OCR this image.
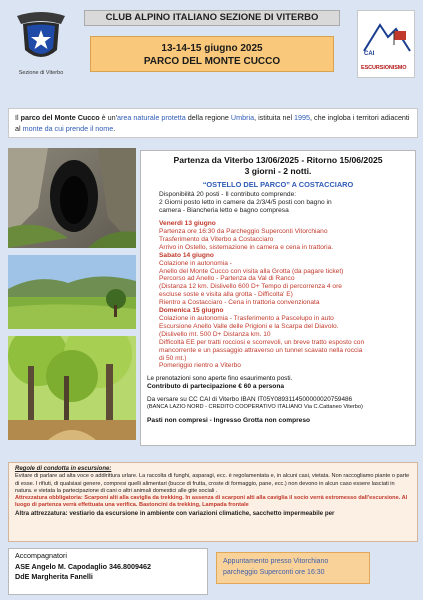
Sezione di Viterbo
CLUB ALPINO ITALIANO SEZIONE DI VITERBO
13-14-15 giugno 2025
PARCO DEL MONTE CUCCO
CAI
ESCURSIONISMO
Il parco del Monte Cucco è un'area naturale protetta della regione Umbria, istituita nel 1995, che ingloba i territori adiacenti al monte da cui prende il nome.
Partenza da Viterbo 13/06/2025 - Ritorno 15/06/2025
3 giorni - 2 notti.
“OSTELLO DEL PARCO” A COSTACCIARO
Disponibilità 20 posti - Il contributo comprende:
2 Giorni posto letto in camere da 2/3/4/5 posti con bagno in
camera - Biancheria letto e bagno compresa
Venerdì 13 giugno
Partenza ore 16:30 da Parcheggio Superconti Vitorchiano
Trasferimento da Viterbo a Costacciaro
Arrivo in Ostello, sistemazione in camera e cena in trattoria.
Sabato 14 giugno
Colazione in autonomia -
Anello del Monte Cucco con visita alla Grotta (da pagare ticket)
Percorso ad Anello - Partenza da Val di Ranco
(Distanza 12 km. Dislivello 600 D+ Tempo di percorrenza 4 ore
escluse soste e visita alla grotta - Difficolta' E)
Rientro a Costacciaro - Cena in trattoria convenzionata
Domenica 15 giugno
Colazione in autonomia - Trasferimento a Pascelupo in auto
Escursione Anello Valle delle Prigioni e la Scarpa del Diavolo.
(Dislivello mt. 500 D+ Distanza km. 10
Difficoltà EE per tratti rocciosi e scorrevoli, un breve tratto esposto con
mancorrente e un passaggio attraverso un tunnel scavato nella roccia
di 50 mt.)
Pomeriggio rientro a Viterbo
Le prenotazioni sono aperte fino esaurimento posti.
Contributo di partecipazione € 60 a persona
Da versare su CC CAI di Viterbo IBAN IT05Y0893114500000020759486
(BANCA LAZIO NORD - CREDITO COOPERATIVO ITALIANO Via C.Cattaneo Viterbo)
Pasti non compresi - Ingresso Grotta non compreso
Regole di condotta in escursione:
Evitare di parlare ad alta voce o addirittura urlare. La raccolta di funghi, asparagi, ecc. è regolamentata e, in alcuni casi, vietata. Non raccogliamo piante o parte di esse. I rifiuti, di qualsiasi genere, compresi quelli alimentari (bucce di frutta, croste di formaggio, pane, ecc.) non devono in alcun caso essere lasciati in natura. e vietata la partecipazione di cani o altri animali domestici alle gite sociali .
Attrezzatura obbligatoria: Scarponi alti alla caviglia da trekking. In assenza di scarponi alti alla caviglia il socio verrà estromesso dall'escursione. Al luogo di partenza verrà effettuata una verifica. Bastoncini da trekking, Lampada frontale
Altra attrezzatura: vestiario da escursione in ambiente con variazioni climatiche, sacchetto impermeabile per
Accompagnatori
ASE Angelo M. Capodaglio 346.8009462
DdE Margherita Fanelli
Appuntamento presso Vitorchiano
parcheggio Superconti ore 16:30
